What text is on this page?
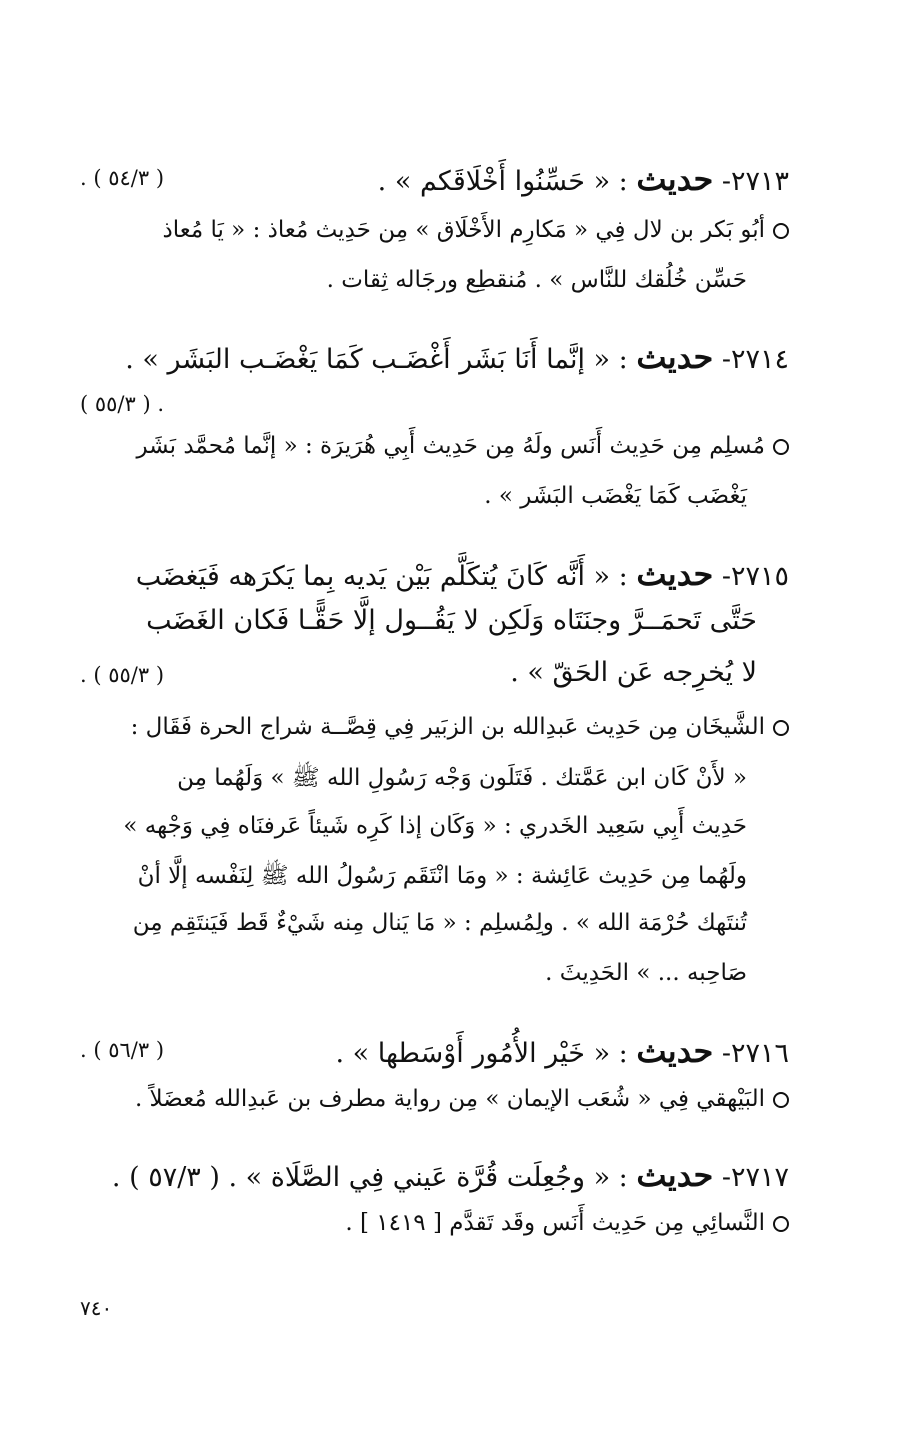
٢٧١٣- حديث : « حَسِّنُوا أَخْلَاقَكم » .
( ٥٤/٣ ) .
أبُو بَكر بن لال فِي « مَكارِم الأَخْلَاق » مِن حَدِيث مُعاذ : « يَا مُعاذ
حَسِّن خُلُقك للنَّاس » . مُنقطِع ورجَاله ثِقات .
٢٧١٤- حديث : « إنَّما أَنَا بَشَر أَغْضَـب كَمَا يَغْضَـب البَشَر » .
. ( ٥٥/٣ )
مُسلِم مِن حَدِيث أَنَس ولَهُ مِن حَدِيث أَبِي هُرَيرَة : « إنَّما مُحمَّد بَشَر
يَغْضَب كَمَا يَغْضَب البَشَر » .
٢٧١٥- حديث : « أَنَّه كَانَ يُتكَلَّم بَيْن يَديه بِما يَكرَهه فَيَغضَب
حَتَّى تَحمَــرَّ وجنَتَاه وَلَكِن لا يَقُــول إلَّا حَقًّـا فَكان الغَضَب
لا يُخرِجه عَن الحَقّ » .
( ٥٥/٣ ) .
الشَّيخَان مِن حَدِيث عَبدِالله بن الزبَير فِي قِصَّــة شراج الحرة فَقَال :
« لأَنْ كَان ابن عَمَّتك . فَتَلَون وَجْه رَسُولِ الله ﷺ » وَلَهُما مِن
حَدِيث أَبِي سَعِيد الخَدري : « وَكَان إذا كَرِه شَيئاً عَرفنَاه فِي وَجْهه »
ولَهُما مِن حَدِيث عَائِشة : « ومَا انْتَقَم رَسُولُ الله ﷺ لِنَفْسه إلَّا أنْ
تُنتَهك حُرْمَة الله » . ولِمُسلِم : « مَا يَنال مِنه شَيْءٌ قَط فَيَنتَقِم مِن
صَاحِبه ... » الحَدِيثَ .
٢٧١٦- حديث : « خَيْر الأُمُور أَوْسَطها » .
( ٥٦/٣ ) .
البَيْهقي فِي « شُعَب الإيمان » مِن رواية مطرف بن عَبدِالله مُعضَلاً .
٢٧١٧- حديث : « وجُعِلَت قُرَّة عَيني فِي الصَّلَاة » . ( ٥٧/٣ ) .
النَّسائِي مِن حَدِيث أَنَس وقَد تَقدَّم [ ١٤١٩ ] .
٧٤٠
